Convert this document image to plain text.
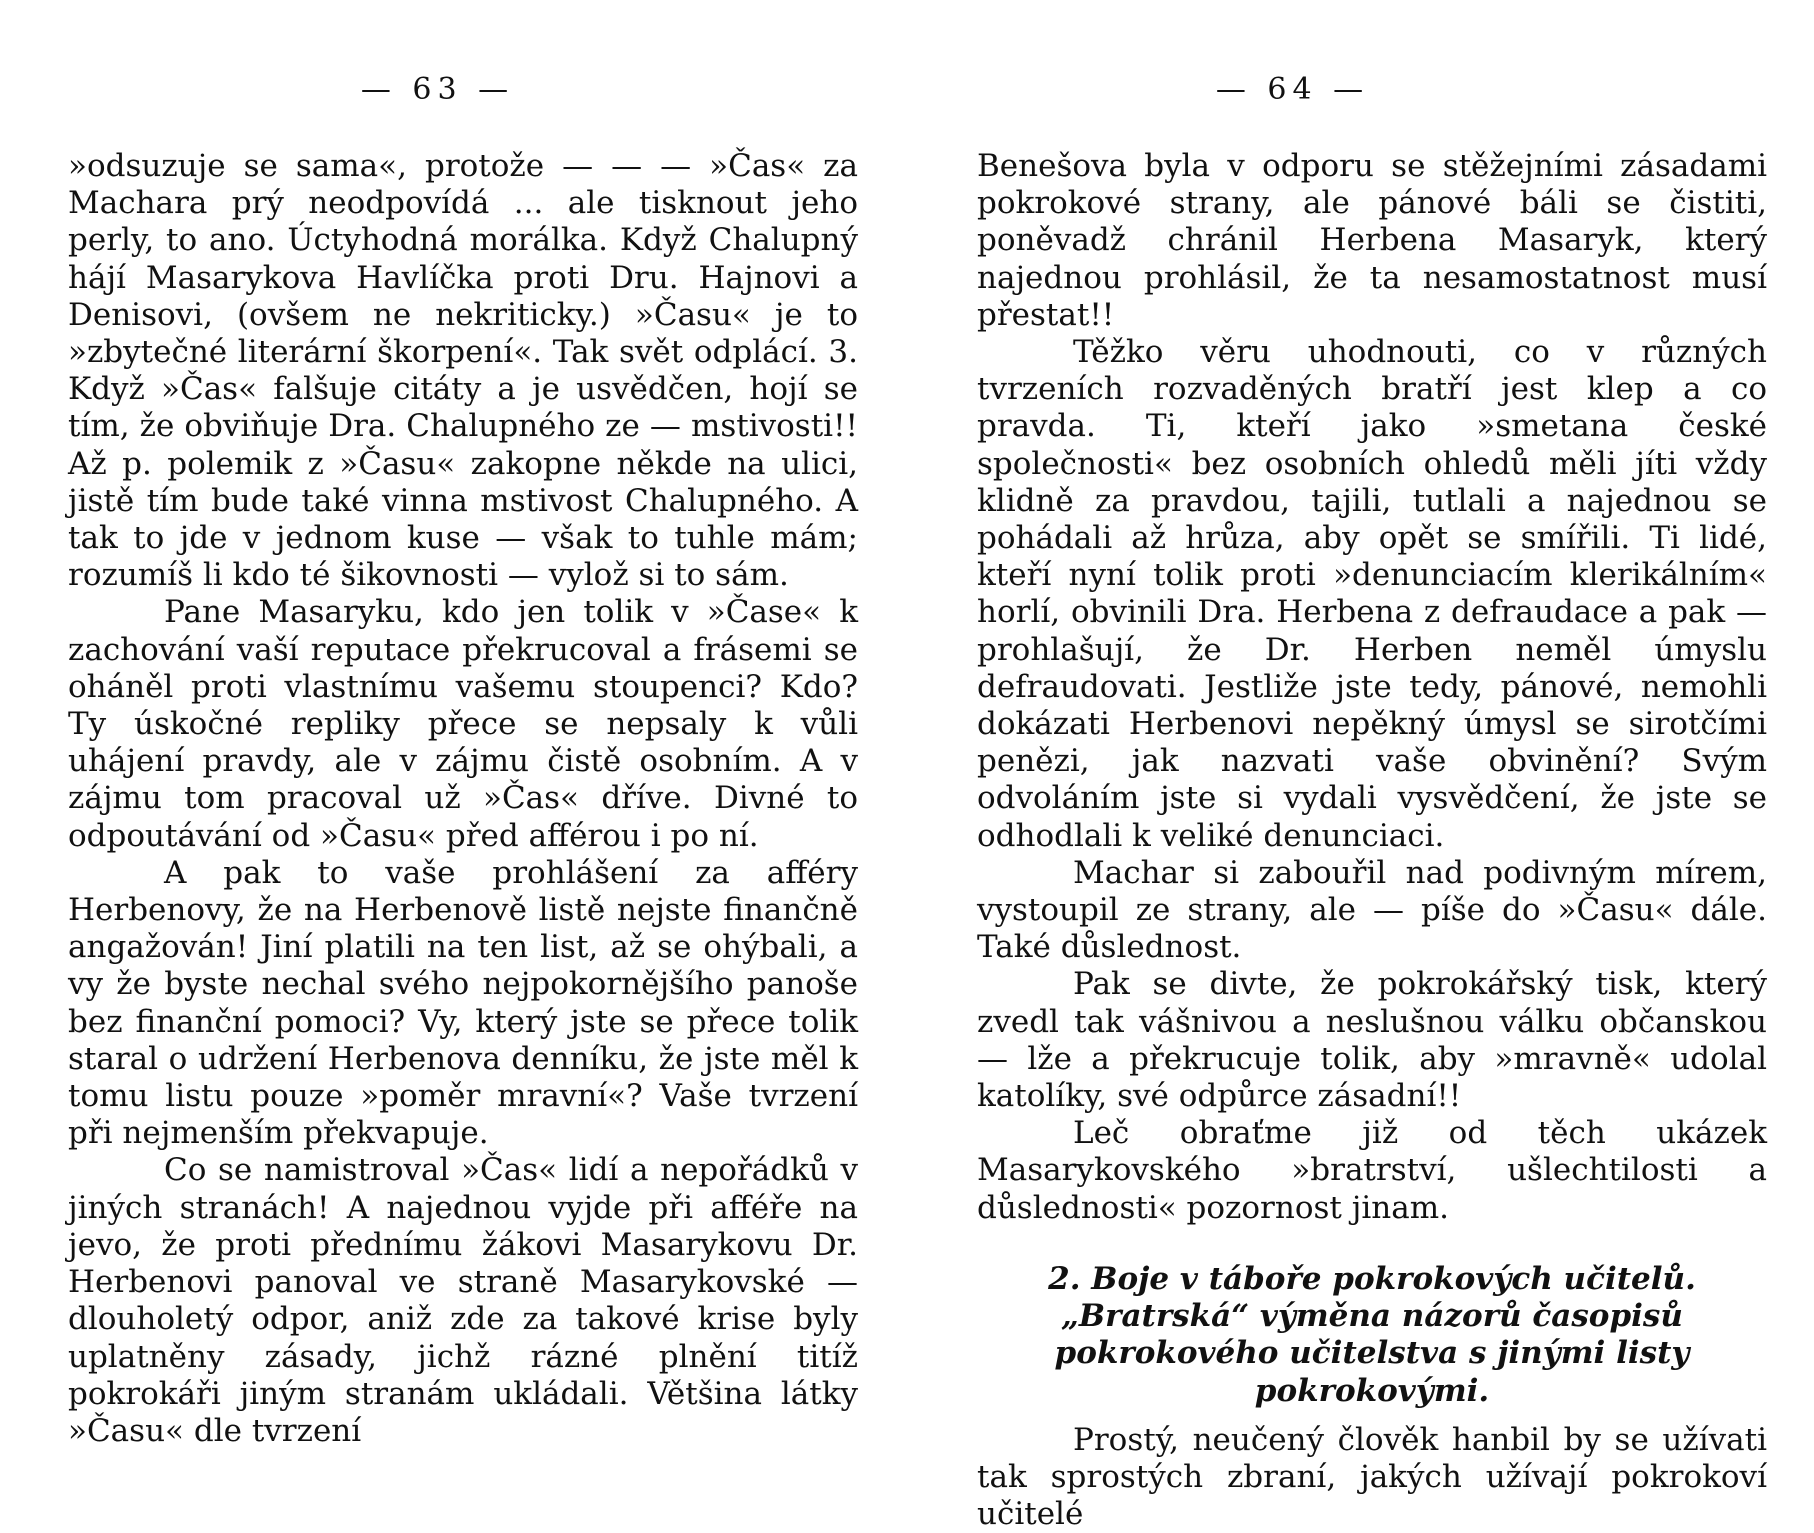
— 63 —

»odsuzuje se sama«, protože — — — »Čas« za Machara prý neodpovídá ... ale tisknout jeho perly, to ano. Úctyhodná morálka. Když Chalupný hájí Masarykova Havlíčka proti Dru. Hajnovi a Denisovi, (ovšem ne nekriticky.) »Času« je to »zbytečné literární škorpení«. Tak svět odplácí. 3. Když »Čas« falšuje citáty a je usvědčen, hojí se tím, že obviňuje Dra. Chalupného ze — mstivosti!! Až p. polemik z »Času« zakopne někde na ulici, jistě tím bude také vinna mstivost Chalupného. A tak to jde v jednom kuse — však to tuhle mám; rozumíš li kdo té šikovnosti — vylož si to sám.

Pane Masaryku, kdo jen tolik v »Čase« k zachování vaší reputace překrucoval a frásemi se oháněl proti vlastnímu vašemu stoupenci? Kdo? Ty úskočné repliky přece se nepsaly k vůli uhájení pravdy, ale v zájmu čistě osobním. A v zájmu tom pracoval už »Čas« dříve. Divné to odpoutávání od »Času« před afférou i po ní.

A pak to vaše prohlášení za afféry Herbenovy, že na Herbenově listě nejste finančně angažován! Jiní platili na ten list, až se ohýbali, a vy že byste nechal svého nejpokornějšího panoše bez finanční pomoci? Vy, který jste se přece tolik staral o udržení Herbenova denníku, že jste měl k tomu listu pouze »poměr mravní«? Vaše tvrzení při nejmenším překvapuje.

Co se namistroval »Čas« lidí a nepořádků v jiných stranách! A najednou vyjde při afféře na jevo, že proti přednímu žákovi Masarykovu Dr. Herbenovi panoval ve straně Masarykovské — dlouholetý odpor, aniž zde za takové krise byly uplatněny zásady, jichž rázné plnění titíž pokrokáři jiným stranám ukládali. Většina látky »Času« dle tvrzení

— 64 —

Benešova byla v odporu se stěžejními zásadami pokrokové strany, ale pánové báli se čistiti, poněvadž chránil Herbena Masaryk, který najednou prohlásil, že ta nesamostatnost musí přestat!!

Těžko věru uhodnouti, co v různých tvrzeních rozvaděných bratří jest klep a co pravda. Ti, kteří jako »smetana české společnosti« bez osobních ohledů měli jíti vždy klidně za pravdou, tajili, tutlali a najednou se pohádali až hrůza, aby opět se smířili. Ti lidé, kteří nyní tolik proti »denunciacím klerikálním« horlí, obvinili Dra. Herbena z defraudace a pak — prohlašují, že Dr. Herben neměl úmyslu defraudovati. Jestliže jste tedy, pánové, nemohli dokázati Herbenovi nepěkný úmysl se sirotčími penězi, jak nazvati vaše obvinění? Svým odvoláním jste si vydali vysvědčení, že jste se odhodlali k veliké denunciaci.

Machar si zabouřil nad podivným mírem, vystoupil ze strany, ale — píše do »Času« dále. Také důslednost.

Pak se divte, že pokrokářský tisk, který zvedl tak vášnivou a neslušnou válku občanskou — lže a překrucuje tolik, aby »mravně« udolal katolíky, své odpůrce zásadní!!

Leč obraťme již od těch ukázek Masarykovského »bratrství, ušlechtilosti a důslednosti« pozornost jinam.

2. Boje v táboře pokrokových učitelů. „Bratrská“ výměna názorů časopisů pokrokového učitelstva s jinými listy pokrokovými.

Prostý, neučený člověk hanbil by se užívati tak sprostých zbraní, jakých užívají pokrokoví učitelé
